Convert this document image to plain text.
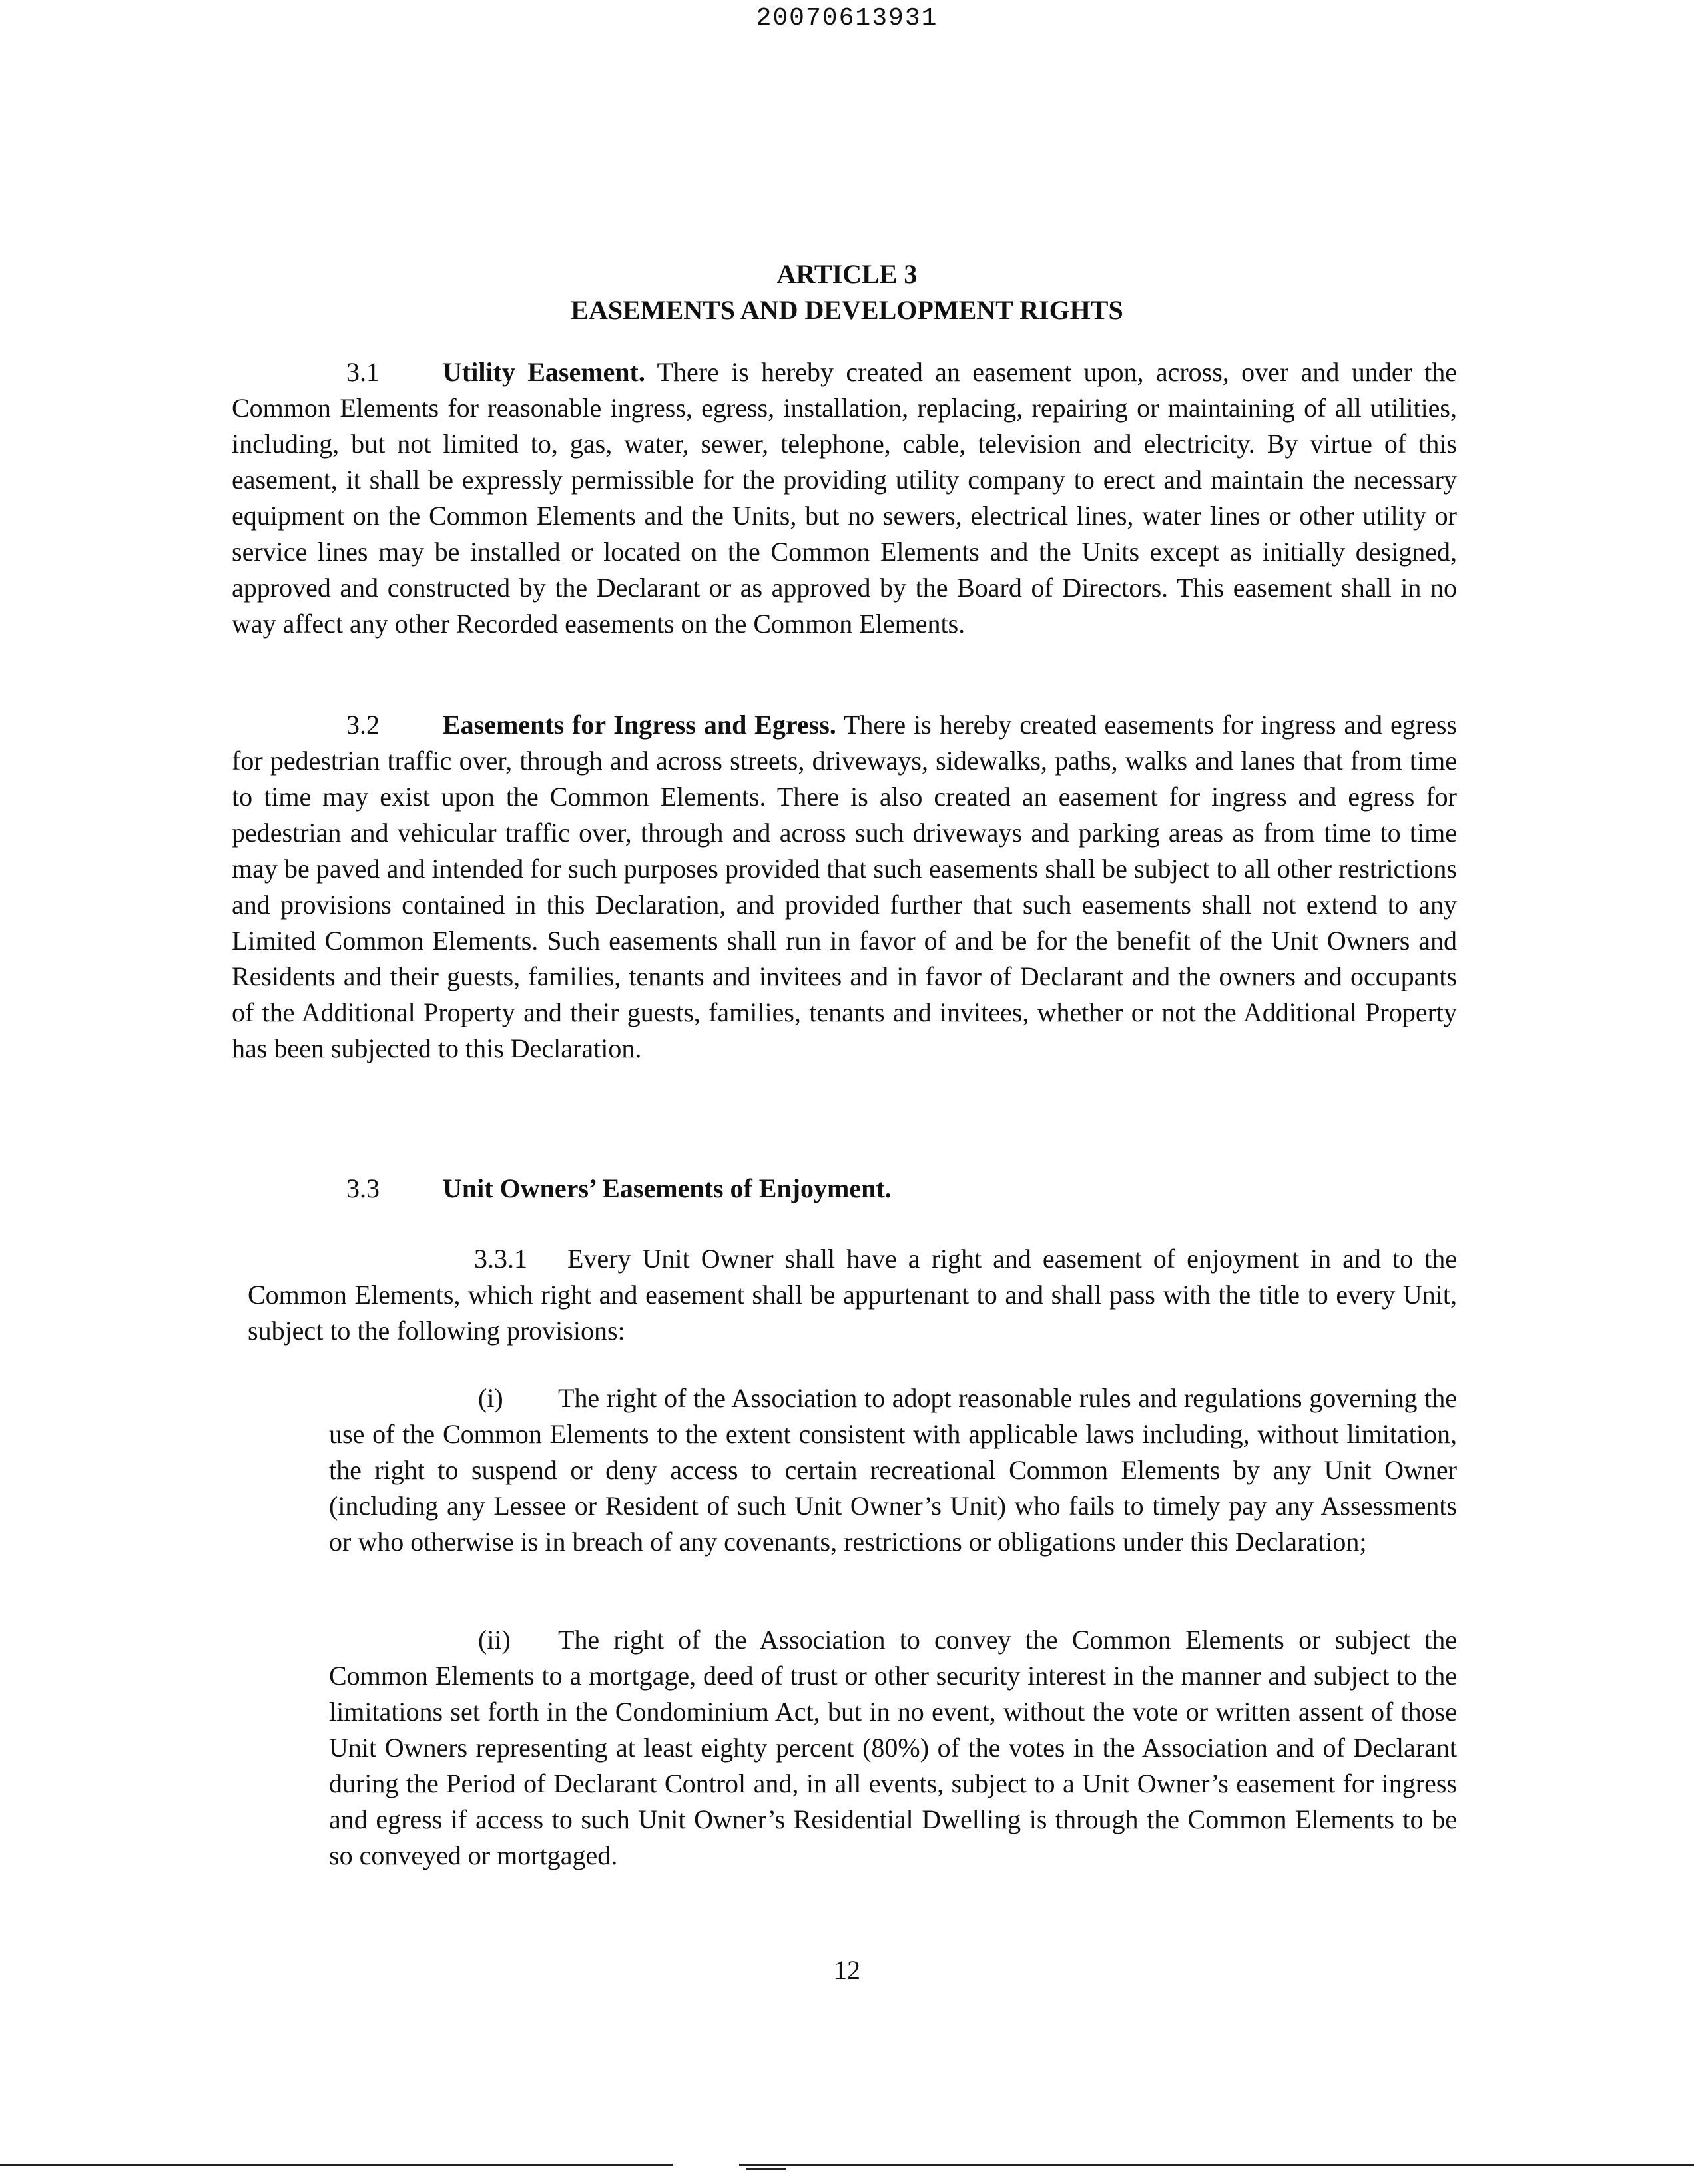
20070613931
ARTICLE 3
EASEMENTS AND DEVELOPMENT RIGHTS

3.1 Utility Easement. There is hereby created an easement upon, across, over and under the Common Elements for reasonable ingress, egress, installation, replacing, repairing or maintaining of all utilities, including, but not limited to, gas, water, sewer, telephone, cable, television and electricity. By virtue of this easement, it shall be expressly permissible for the providing utility company to erect and maintain the necessary equipment on the Common Elements and the Units, but no sewers, electrical lines, water lines or other utility or service lines may be installed or located on the Common Elements and the Units except as initially designed, approved and constructed by the Declarant or as approved by the Board of Directors. This easement shall in no way affect any other Recorded easements on the Common Elements.

3.2 Easements for Ingress and Egress. There is hereby created easements for ingress and egress for pedestrian traffic over, through and across streets, driveways, sidewalks, paths, walks and lanes that from time to time may exist upon the Common Elements. There is also created an easement for ingress and egress for pedestrian and vehicular traffic over, through and across such driveways and parking areas as from time to time may be paved and intended for such purposes provided that such easements shall be subject to all other restrictions and provisions contained in this Declaration, and provided further that such easements shall not extend to any Limited Common Elements. Such easements shall run in favor of and be for the benefit of the Unit Owners and Residents and their guests, families, tenants and invitees and in favor of Declarant and the owners and occupants of the Additional Property and their guests, families, tenants and invitees, whether or not the Additional Property has been subjected to this Declaration.

3.3 Unit Owners’ Easements of Enjoyment.

3.3.1 Every Unit Owner shall have a right and easement of enjoyment in and to the Common Elements, which right and easement shall be appurtenant to and shall pass with the title to every Unit, subject to the following provisions:

(i) The right of the Association to adopt reasonable rules and regulations governing the use of the Common Elements to the extent consistent with applicable laws including, without limitation, the right to suspend or deny access to certain recreational Common Elements by any Unit Owner (including any Lessee or Resident of such Unit Owner’s Unit) who fails to timely pay any Assessments or who otherwise is in breach of any covenants, restrictions or obligations under this Declaration;

(ii) The right of the Association to convey the Common Elements or subject the Common Elements to a mortgage, deed of trust or other security interest in the manner and subject to the limitations set forth in the Condominium Act, but in no event, without the vote or written assent of those Unit Owners representing at least eighty percent (80%) of the votes in the Association and of Declarant during the Period of Declarant Control and, in all events, subject to a Unit Owner’s easement for ingress and egress if access to such Unit Owner’s Residential Dwelling is through the Common Elements to be so conveyed or mortgaged.

12
